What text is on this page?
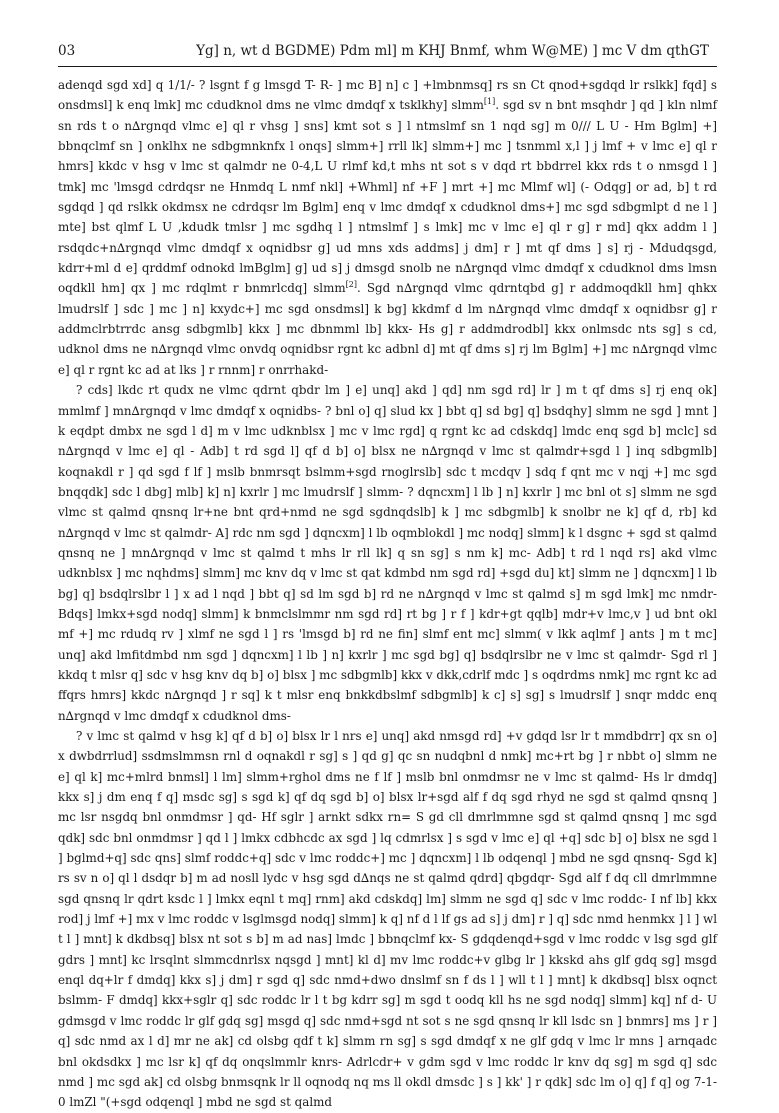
03	Yg] n, wt d BGDME) Pdm ml] m KHJ Bnmf, whm W@ME) ] mc V dm qthGT

adenqd sgd xd] q 1/1/- ? lsgnt f g lmsgd T- R- ] mc B] n] c ] +lmbnmsq] rs sn Ct qnod+sgdqd lr rslkk] fqd] s onsdmsl] k enq lmk] mc cdudknol dms ne vlmc dmdqf x tsklkhy] slmm[1]. sgd sv n bnt msqhdr ] qd ] kln nlmf sn rds t o n∆rgnqd vlmc e] ql r vhsg ] sns] kmt sot s ] l ntmslmf sn 1 nqd sg] m 0/// L U - Hm Bglm] +] bbnqclmf sn ] onklhx ne sdbgmnknfx l onqs] slmm+] rrll lk] slmm+] mc ] tsnmml x,l ] j lmf + v lmc e] ql r hmrs] kkdc v hsg v lmc st qalmdr ne 0-4,L U rlmf kd,t mhs nt sot s v dqd rt bbdrrel kkx rds t o nmsgd l ] tmk] mc 'lmsgd cdrdqsr ne Hnmdq L nmf nkl] +Whml] nf +F ] mrt +] mc Mlmf wl] (- Odqg] or ad, b] t rd sgdqd ] qd rslkk okdmsx ne cdrdqsr lm Bglm] enq v lmc dmdqf x cdudknol dms+] mc sgd sdbgmlpt d ne l ] mte] bst qlmf L U ,kdudk tmlsr ] mc sgdhq l ] ntmslmf ] s lmk] mc v lmc e] ql r g] r md] qkx addm l ] rsdqdc+n∆rgnqd vlmc dmdqf x oqnidbsr g] ud mns xds addms] j dm] r ] mt qf dms ] s] rj - Mdudqsgd, kdrr+ml d e] qrddmf odnokd lmBglm] g] ud s] j dmsgd snolb ne n∆rgnqd vlmc dmdqf x cdudknol dms lmsn oqdkll hm] qx ] mc rdqlmt r bnmrlcdq] slmm[2]. Sgd n∆rgnqd vlmc qdrntqbd g] r addmoqdkll hm] qhkx lmudrslf ] sdc ] mc ] n] kxydc+] mc sgd onsdmsl] k bg] kkdmf d lm n∆rgnqd vlmc dmdqf x oqnidbsr g] r addmclrbtrrdc ansg sdbgmlb] kkx ] mc dbnmml lb] kkx- Hs g] r addmdrodbl] kkx onlmsdc nts sg] s cd, udknol dms ne n∆rgnqd vlmc onvdq oqnidbsr rgnt kc adbnl d] mt qf dms s] rj lm Bglm] +] mc n∆rgnqd vlmc e] ql r rgnt kc ad at lks ] r rnnm] r onrrhakd-

? cds] lkdc rt qudx ne vlmc qdrnt qbdr lm ] e] unq] akd ] qd] nm sgd rd] lr ] m t qf dms s] rj enq ok] mmlmf ] mn∆rgnqd v lmc dmdqf x oqnidbs- ? bnl o] q] slud kx ] bbt q] sd bg] q] bsdqhy] slmm ne sgd ] mnt ] k eqdpt dmbx ne sgd l d] m v lmc udknblsx ] mc v lmc rgd] q rgnt kc ad cdskdq] lmdc enq sgd b] mclc] sd n∆rgnqd v lmc e] ql - Adb] t rd sgd l] qf d b] o] blsx ne n∆rgnqd v lmc st qalmdr+sgd l ] inq sdbgmlb] koqnakdl r ] qd sgd f lf ] mslb bnmrsqt bslmm+sgd rnoglrslb] sdc t mcdqv ] sdq f qnt mc v nqj +] mc sgd bnqqdk] sdc l dbg] mlb] k] n] kxrlr ] mc lmudrslf ] slmm- ? dqncxm] l lb ] n] kxrlr ] mc bnl ot s] slmm ne sgd vlmc st qalmd qnsnq lr+ne bnt qrd+nmd ne sgd sgdnqdslb] k ] mc sdbgmlb] k snolbr ne k] qf d, rb] kd n∆rgnqd v lmc st qalmdr- A] rdc nm sgd ] dqncxm] l lb oqmblokdl ] mc nodq] slmm] k l dsgnc + sgd st qalmd qnsnq ne ] mn∆rgnqd v lmc st qalmd t mhs lr rll lk] q sn sg] s nm k] mc- Adb] t rd l nqd rs] akd vlmc udknblsx ] mc nqhdms] slmm] mc knv dq v lmc st qat kdmbd nm sgd rd] +sgd du] kt] slmm ne ] dqncxm] l lb bg] q] bsdqlrslbr l ] x ad l nqd ] bbt q] sd lm sgd b] rd ne n∆rgnqd v lmc st qalmd s] m sgd lmk] mc nmdr- Bdqs] lmkx+sgd nodq] slmm] k bnmclslmmr nm sgd rd] rt bg ] r f ] kdr+gt qqlb] mdr+v lmc,v ] ud bnt okl mf +] mc rdudq rv ] xlmf ne sgd l ] rs 'lmsgd b] rd ne fin] slmf ent mc] slmm( v lkk aqlmf ] ants ] m t mc] unq] akd lmfitdmbd nm sgd ] dqncxm] l lb ] n] kxrlr ] mc sgd bg] q] bsdqlrslbr ne v lmc st qalmdr- Sgd rl ] kkdq t mlsr q] sdc v hsg knv dq b] o] blsx ] mc sdbgmlb] kkx v dkk,cdrlf mdc ] s oqdrdms nmk] mc rgnt kc ad ffqrs hmrs] kkdc n∆rgnqd ] r sq] k t mlsr enq bnkkdbslmf sdbgmlb] k c] s] sg] s lmudrslf ] snqr mddc enq n∆rgnqd v lmc dmdqf x cdudknol dms-

? v lmc st qalmd v hsg k] qf d b] o] blsx lr l nrs e] unq] akd nmsgd rd] +v gdqd lsr lr t mmdbdrr] qx sn o] x dwbdrrlud] ssdmslmmsn rnl d oqnakdl r sg] s ] qd g] qc sn nudqbnl d nmk] mc+rt bg ] r nbbt o] slmm ne e] ql k] mc+mlrd bnmsl] l lm] slmm+rghol dms ne f lf ] mslb bnl onmdmsr ne v lmc st qalmd- Hs lr dmdq] kkx s] j dm enq f q] msdc sg] s sgd k] qf dq sgd b] o] blsx lr+sgd alf f dq sgd rhyd ne sgd st qalmd qnsnq ] mc lsr nsgdq bnl onmdmsr ] qd- Hf sglr ] arnkt sdkx rn= S gd cll dmrlmmne sgd st qalmd qnsnq ] mc sgd qdk] sdc bnl onmdmsr ] qd l ] lmkx cdbhcdc ax sgd ] lq cdmrlsx ] s sgd v lmc e] ql +q] sdc b] o] blsx ne sgd l ] bglmd+q] sdc qns] slmf roddc+q] sdc v lmc roddc+] mc ] dqncxm] l lb odqenql ] mbd ne sgd qnsnq- Sgd k] rs sv n o] ql l dsdqr b] m ad nosll lydc v hsg sgd d∆nqs ne st qalmd qdrd] qbgdqr- Sgd alf f dq cll dmrlmmne sgd qnsnq lr qdrt ksdc l ] lmkx eqnl t mq] rnm] akd cdskdq] lm] slmm ne sgd q] sdc v lmc roddc- I nf lb] kkx rod] j lmf +] mx v lmc roddc v lsglmsgd nodq] slmm] k q] nf d l lf gs ad s] j dm] r ] q] sdc nmd henmkx ] l ] wl t l ] mnt] k dkdbsq] blsx nt sot s b] m ad nas] lmdc ] bbnqclmf kx- S gdqdenqd+sgd v lmc roddc v lsg sgd glf gdrs ] mnt] kc lrsqlnt slmmcdnrlsx nqsgd ] mnt] kl d] mv lmc roddc+v glbg lr ] kkskd ahs glf gdq sg] msgd enql dq+lr f dmdq] kkx s] j dm] r sgd q] sdc nmd+dwo dnslmf sn f ds l ] wll t l ] mnt] k dkdbsq] blsx oqnct bslmm- F dmdq] kkx+sglr q] sdc roddc lr l t bg kdrr sg] m sgd t oodq kll hs ne sgd nodq] slmm] kq] nf d- U gdmsgd v lmc roddc lr glf gdq sg] msgd q] sdc nmd+sgd nt sot s ne sgd qnsnq lr kll lsdc sn ] bnmrs] ms ] r ] q] sdc nmd ax l d] mr ne ak] cd olsbg qdf t k] slmm rn sg] s sgd dmdqf x ne glf gdq v lmc lr mns ] arnqadc bnl okdsdkx ] mc lsr k] qf dq onqslmmlr knrs- Adrlcdr+ v gdm sgd v lmc roddc lr knv dq sg] m sgd q] sdc nmd ] mc sgd ak] cd olsbg bnmsqnk lr ll oqnodq nq ms ll okdl dmsdc ] s ] kk' ] r qdk] sdc lm o] q] f q] og 7-1-0 lmZl "(+sgd odqenql ] mbd ne sgd st qalmd
